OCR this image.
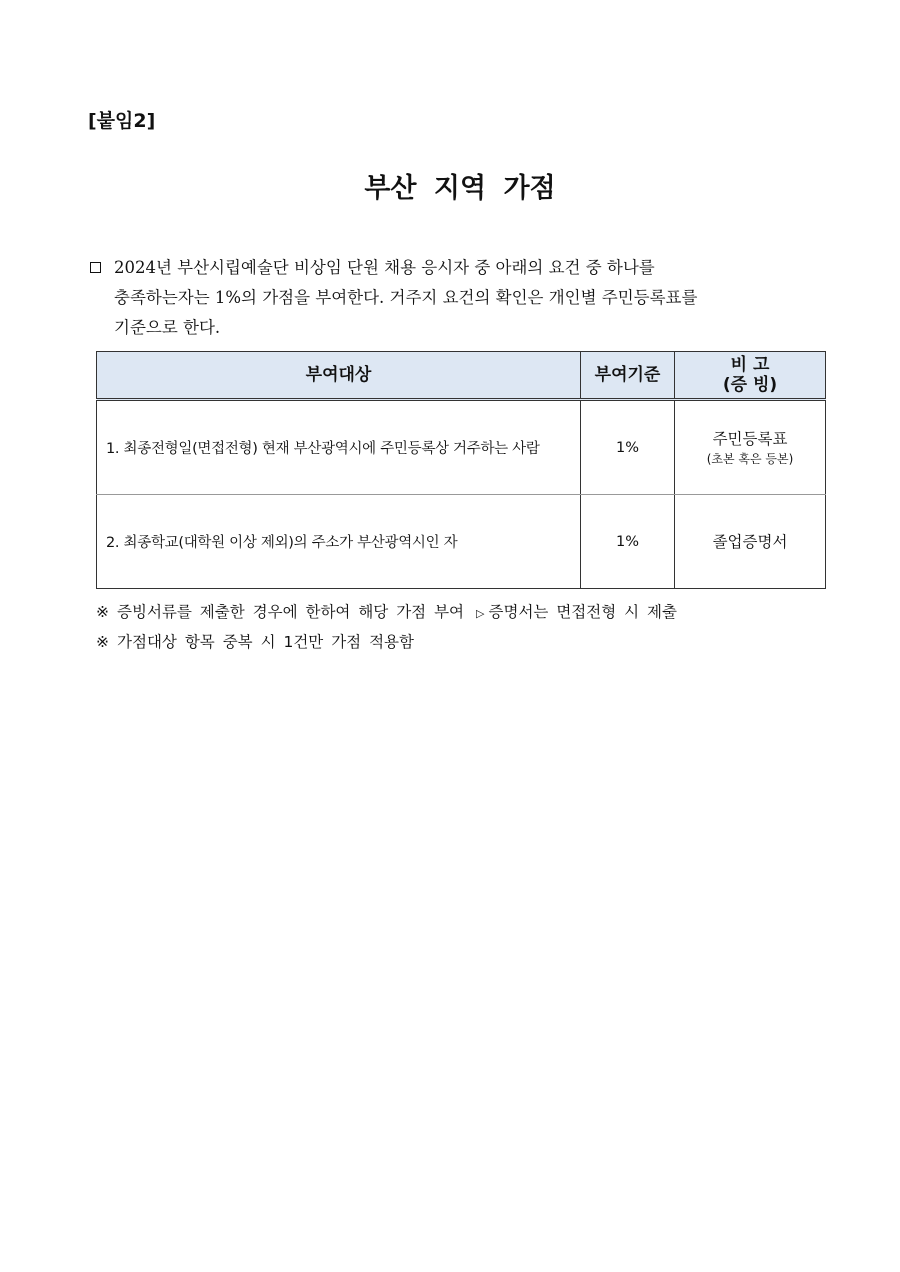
[붙임2]
부산 지역 가점
2024년 부산시립예술단 비상임 단원 채용 응시자 중 아래의 요건 중 하나를
충족하는자는 1%의 가점을 부여한다. 거주지 요건의 확인은 개인별 주민등록표를
기준으로 한다.
부여대상	부여기준	비 고
(증 빙)

1. 최종전형일(면접전형) 현재 부산광역시에 주민등록상 거주하는 사람	1%	주민등록표
(초본 혹은 등본)

2. 최종학교(대학원 이상 제외)의 주소가 부산광역시인 자	1%	졸업증명서
※ 증빙서류를 제출한 경우에 한하여 해당 가점 부여 ▷ 증명서는 면접전형 시 제출
※ 가점대상 항목 중복 시 1건만 가점 적용함
